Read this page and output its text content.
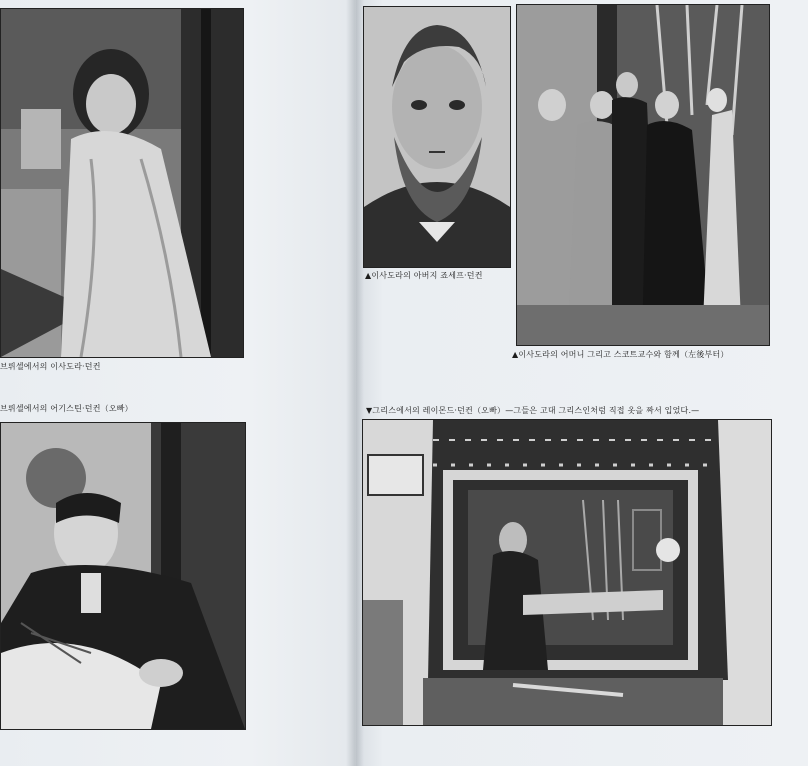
브뤼셀에서의 이사도라·던컨
브뤼셀에서의 어기스틴·던컨（오빠）
▲이사도라의 아버지 죠세프·던컨
▲이사도라의 어머니 그리고 스코트교수와 함께（左後부터）
▼그리스에서의 레이몬드·던컨（오빠）—그들은 고대 그리스인처럼 직접 옷을 짜서 입었다.—
